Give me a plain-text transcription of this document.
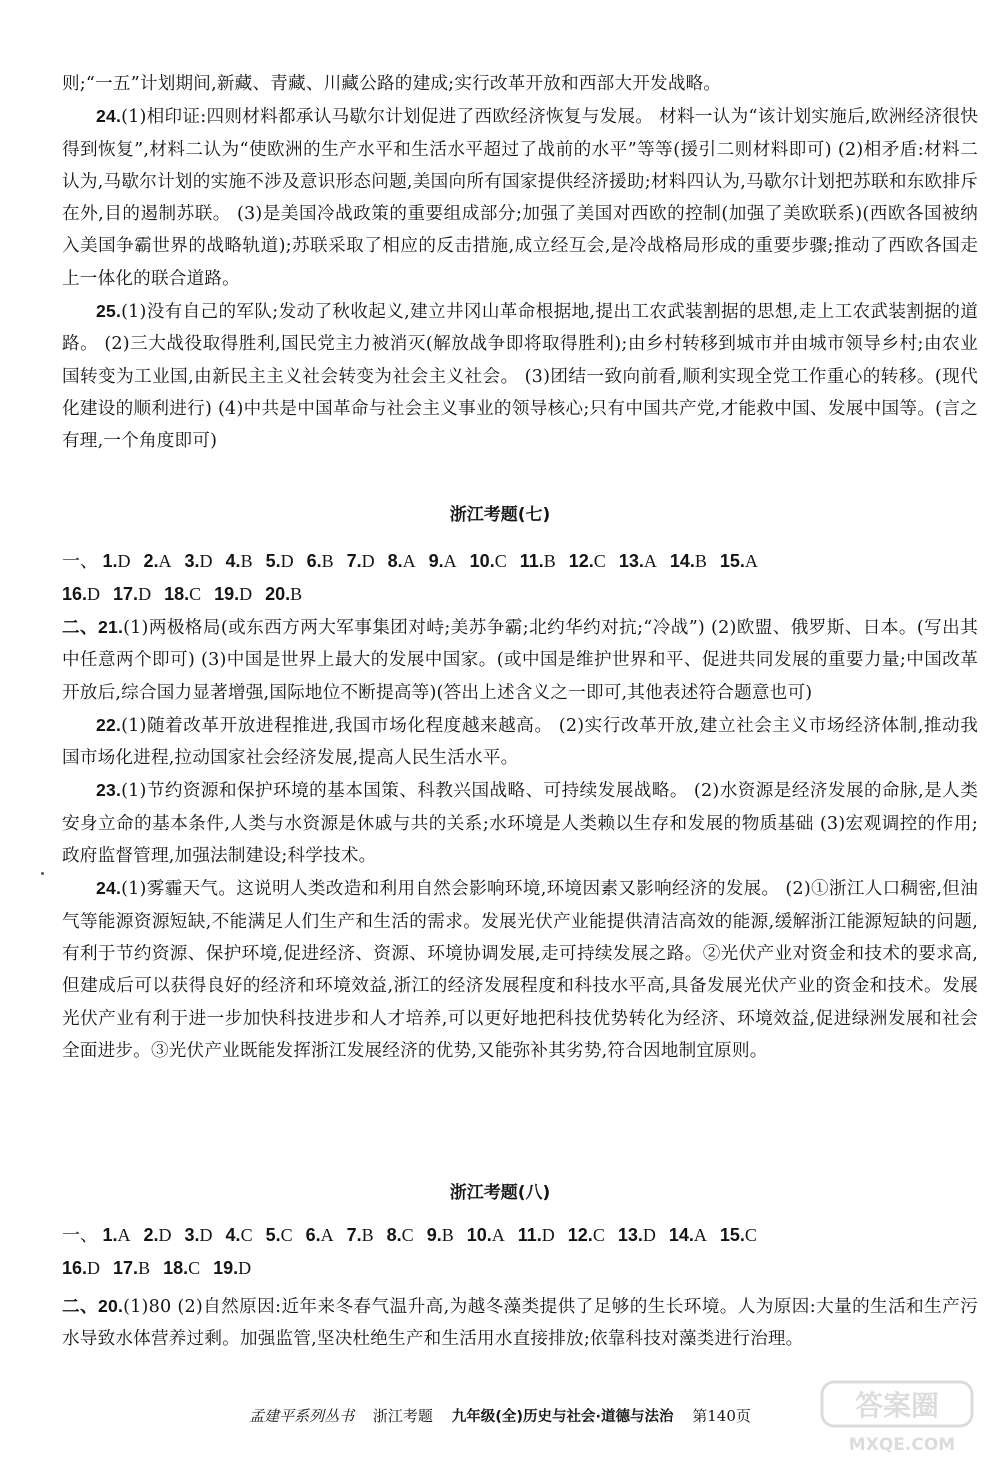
则;“一五”计划期间,新藏、青藏、川藏公路的建成;实行改革开放和西部大开发战略。

24.(1)相印证:四则材料都承认马歇尔计划促进了西欧经济恢复与发展。 材料一认为“该计划实施后,欧洲经济很快得到恢复”,材料二认为“使欧洲的生产水平和生活水平超过了战前的水平”等等(援引二则材料即可) (2)相矛盾:材料二认为,马歇尔计划的实施不涉及意识形态问题,美国向所有国家提供经济援助;材料四认为,马歇尔计划把苏联和东欧排斥在外,目的遏制苏联。 (3)是美国冷战政策的重要组成部分;加强了美国对西欧的控制(加强了美欧联系)(西欧各国被纳入美国争霸世界的战略轨道);苏联采取了相应的反击措施,成立经互会,是冷战格局形成的重要步骤;推动了西欧各国走上一体化的联合道路。

25.(1)没有自己的军队;发动了秋收起义,建立井冈山革命根据地,提出工农武装割据的思想,走上工农武装割据的道路。 (2)三大战役取得胜利,国民党主力被消灭(解放战争即将取得胜利);由乡村转移到城市并由城市领导乡村;由农业国转变为工业国,由新民主主义社会转变为社会主义社会。 (3)团结一致向前看,顺利实现全党工作重心的转移。(现代化建设的顺利进行) (4)中共是中国革命与社会主义事业的领导核心;只有中国共产党,才能救中国、发展中国等。(言之有理,一个角度即可)

浙江考题(七)
一、 1.D 2.A 3.D 4.B 5.D 6.B 7.D 8.A 9.A 10.C 11.B 12.C 13.A 14.B 15.A
16.D 17.D 18.C 19.D 20.B

二、21.(1)两极格局(或东西方两大军事集团对峙;美苏争霸;北约华约对抗;“冷战”) (2)欧盟、俄罗斯、日本。(写出其中任意两个即可) (3)中国是世界上最大的发展中国家。(或中国是维护世界和平、促进共同发展的重要力量;中国改革开放后,综合国力显著增强,国际地位不断提高等)(答出上述含义之一即可,其他表述符合题意也可)

22.(1)随着改革开放进程推进,我国市场化程度越来越高。 (2)实行改革开放,建立社会主义市场经济体制,推动我国市场化进程,拉动国家社会经济发展,提高人民生活水平。

23.(1)节约资源和保护环境的基本国策、科教兴国战略、可持续发展战略。 (2)水资源是经济发展的命脉,是人类安身立命的基本条件,人类与水资源是休戚与共的关系;水环境是人类赖以生存和发展的物质基础 (3)宏观调控的作用;政府监督管理,加强法制建设;科学技术。

24.(1)雾霾天气。这说明人类改造和利用自然会影响环境,环境因素又影响经济的发展。 (2)①浙江人口稠密,但油气等能源资源短缺,不能满足人们生产和生活的需求。发展光伏产业能提供清洁高效的能源,缓解浙江能源短缺的问题,有利于节约资源、保护环境,促进经济、资源、环境协调发展,走可持续发展之路。②光伏产业对资金和技术的要求高,但建成后可以获得良好的经济和环境效益,浙江的经济发展程度和科技水平高,具备发展光伏产业的资金和技术。发展光伏产业有利于进一步加快科技进步和人才培养,可以更好地把科技优势转化为经济、环境效益,促进绿洲发展和社会全面进步。③光伏产业既能发挥浙江发展经济的优势,又能弥补其劣势,符合因地制宜原则。

浙江考题(八)
一、 1.A 2.D 3.D 4.C 5.C 6.A 7.B 8.C 9.B 10.A 11.D 12.C 13.D 14.A 15.C
16.D 17.B 18.C 19.D

二、20.(1)80 (2)自然原因:近年来冬春气温升高,为越冬藻类提供了足够的生长环境。人为原因:大量的生活和生产污水导致水体营养过剩。加强监管,坚决杜绝生产和生活用水直接排放;依靠科技对藻类进行治理。

孟建平系列丛书 浙江考题 九年级(全)历史与社会·道德与法治 第140页	答案圈
MXQE.COM
